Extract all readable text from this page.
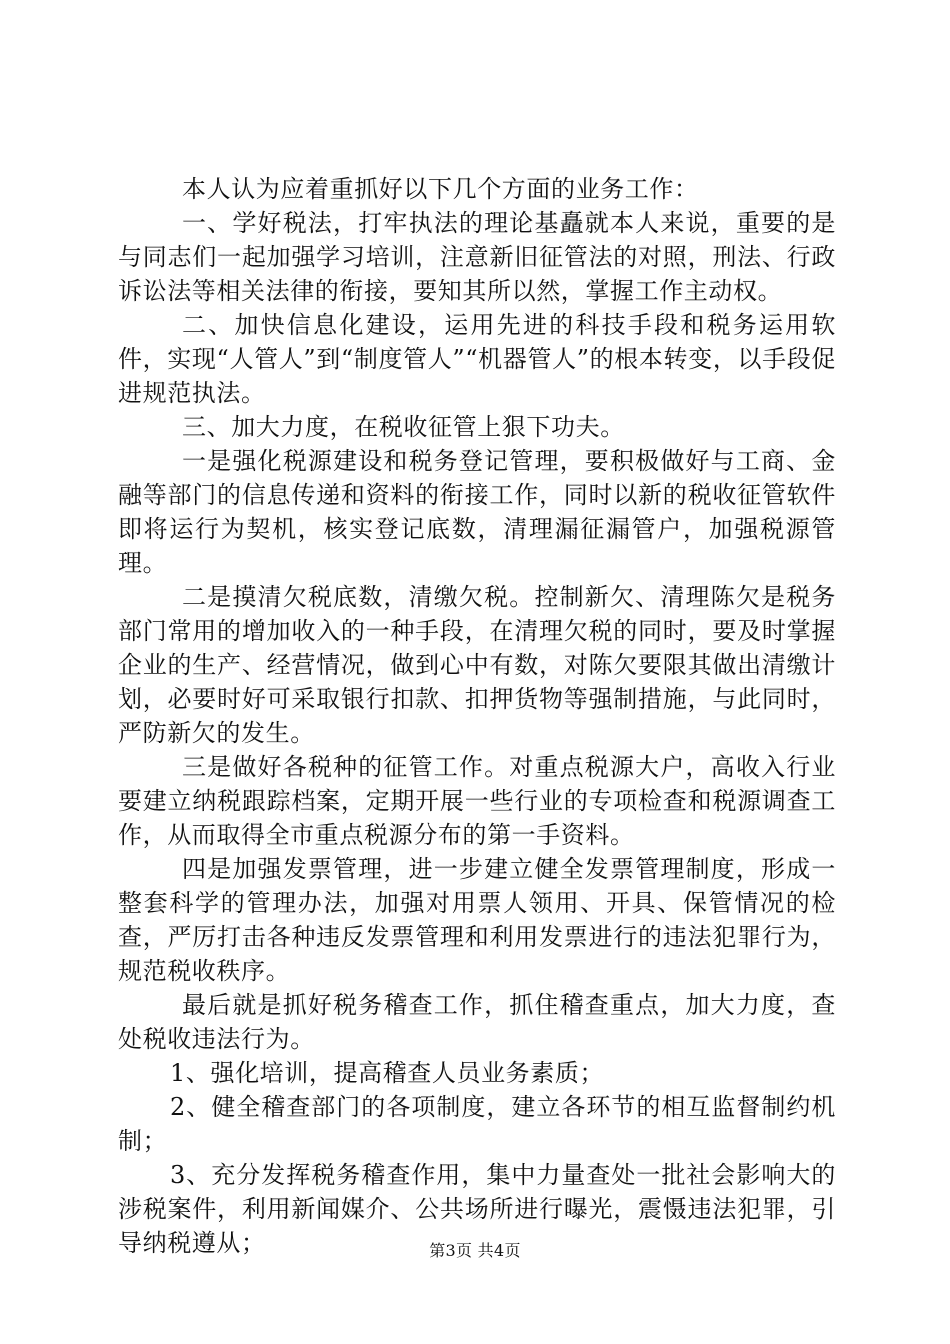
本人认为应着重抓好以下几个方面的业务工作：

一、学好税法，打牢执法的理论基矗就本人来说，重要的是与同志们一起加强学习培训，注意新旧征管法的对照，刑法、行政诉讼法等相关法律的衔接，要知其所以然，掌握工作主动权。

二、加快信息化建设，运用先进的科技手段和税务运用软件，实现“人管人”到“制度管人”“机器管人”的根本转变，以手段促进规范执法。

三、加大力度，在税收征管上狠下功夫。

一是强化税源建设和税务登记管理，要积极做好与工商、金融等部门的信息传递和资料的衔接工作，同时以新的税收征管软件即将运行为契机，核实登记底数，清理漏征漏管户，加强税源管理。

二是摸清欠税底数，清缴欠税。控制新欠、清理陈欠是税务部门常用的增加收入的一种手段，在清理欠税的同时，要及时掌握企业的生产、经营情况，做到心中有数，对陈欠要限其做出清缴计划，必要时好可采取银行扣款、扣押货物等强制措施，与此同时，严防新欠的发生。

三是做好各税种的征管工作。对重点税源大户，高收入行业要建立纳税跟踪档案，定期开展一些行业的专项检查和税源调查工作，从而取得全市重点税源分布的第一手资料。

四是加强发票管理，进一步建立健全发票管理制度，形成一整套科学的管理办法，加强对用票人领用、开具、保管情况的检查，严厉打击各种违反发票管理和利用发票进行的违法犯罪行为，规范税收秩序。

最后就是抓好税务稽查工作，抓住稽查重点，加大力度，查处税收违法行为。

1、强化培训，提高稽查人员业务素质；

2、健全稽查部门的各项制度，建立各环节的相互监督制约机制；

3、充分发挥税务稽查作用，集中力量查处一批社会影响大的涉税案件，利用新闻媒介、公共场所进行曝光，震慑违法犯罪，引导纳税遵从；	第3页 共4页
